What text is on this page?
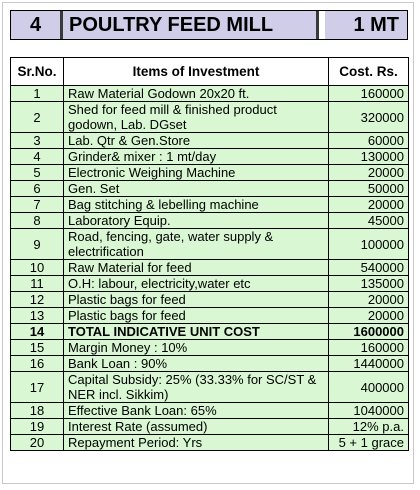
4	POULTRY FEED MILL	1 MT
Sr.No.	Items of Investment	Cost. Rs.
1	Raw Material Godown 20x20 ft.	160000
2	Shed for feed mill & finished product godown, Lab. DGset	320000
3	Lab. Qtr & Gen.Store	60000
4	Grinder& mixer : 1 mt/day	130000
5	Electronic Weighing Machine	20000
6	Gen. Set	50000
7	Bag stitching & lebelling machine	20000
8	Laboratory Equip.	45000
9	Road, fencing, gate, water supply & electrification	100000
10	Raw Material for feed	540000
11	O.H: labour, electricity,water etc	135000
12	Plastic bags for feed	20000
13	Plastic bags for feed	20000
14	TOTAL INDICATIVE UNIT COST	1600000
15	Margin Money : 10%	160000
16	Bank Loan : 90%	1440000
17	Capital Subsidy: 25% (33.33% for SC/ST & NER incl. Sikkim)	400000
18	Effective Bank Loan: 65%	1040000
19	Interest Rate (assumed)	12% p.a.
20	Repayment Period: Yrs	5 + 1 grace
